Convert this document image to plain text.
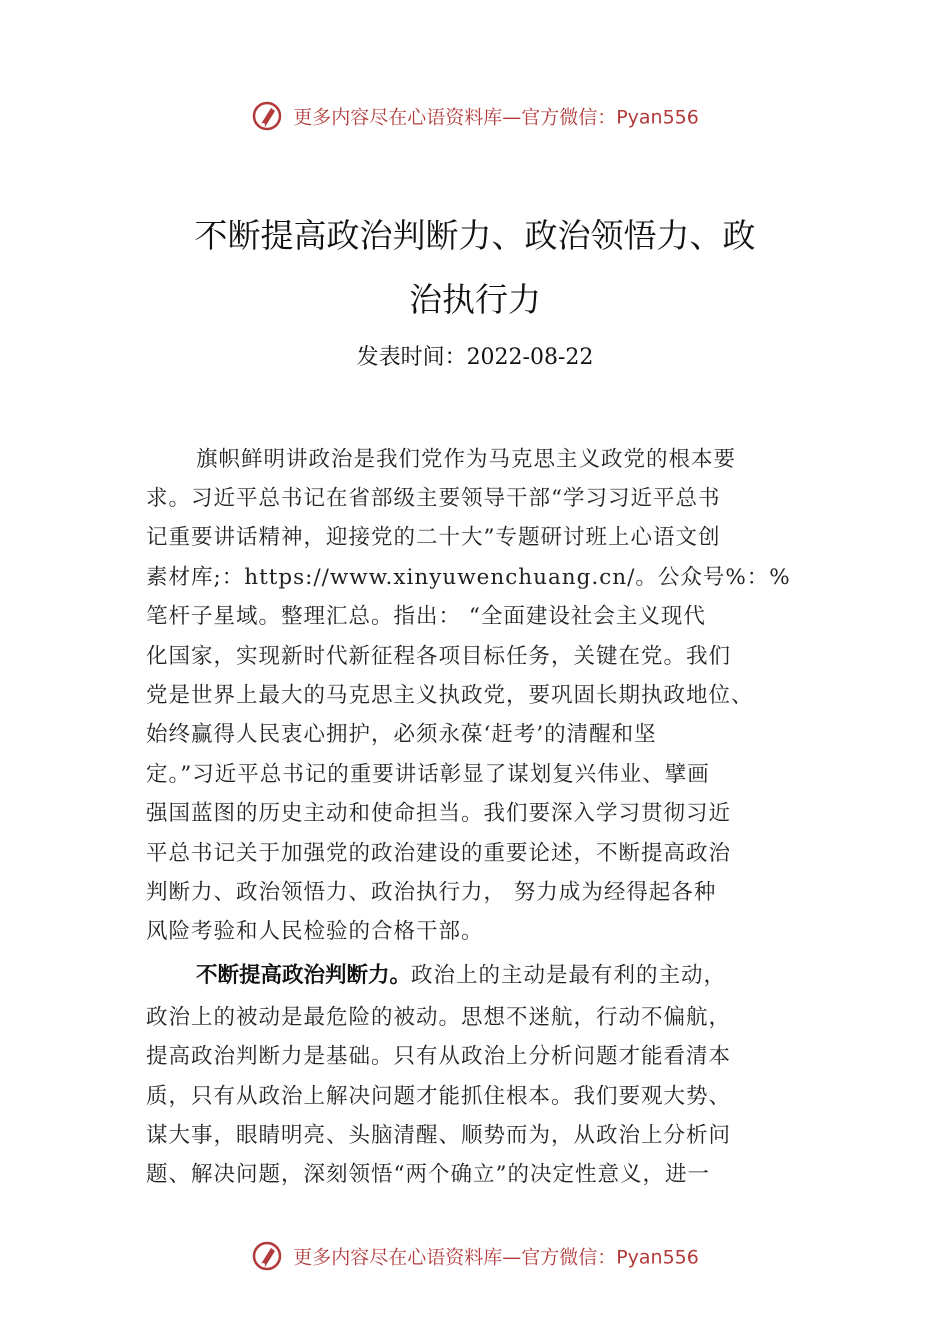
更多内容尽在心语资料库—官方微信：Pyan556
不断提高政治判断力、政治领悟力、政
治执行力
发表时间：2022-08-22
旗帜鲜明讲政治是我们党作为马克思主义政党的根本要
求。习近平总书记在省部级主要领导干部“学习习近平总书
记重要讲话精神，迎接党的二十大”专题研讨班上心语文创
素材库;：https://www.xinyuwenchuang.cn/。公众号%：%
笔杆子星域。整理汇总。指出： “全面建设社会主义现代
化国家，实现新时代新征程各项目标任务，关键在党。我们
党是世界上最大的马克思主义执政党，要巩固长期执政地位、
始终赢得人民衷心拥护，必须永葆‘赶考’的清醒和坚
定。”习近平总书记的重要讲话彰显了谋划复兴伟业、擘画
强国蓝图的历史主动和使命担当。我们要深入学习贯彻习近
平总书记关于加强党的政治建设的重要论述，不断提高政治
判断力、政治领悟力、政治执行力， 努力成为经得起各种
风险考验和人民检验的合格干部。
不断提高政治判断力。政治上的主动是最有利的主动，
政治上的被动是最危险的被动。思想不迷航，行动不偏航，
提高政治判断力是基础。只有从政治上分析问题才能看清本
质，只有从政治上解决问题才能抓住根本。我们要观大势、
谋大事，眼睛明亮、头脑清醒、顺势而为，从政治上分析问
题、解决问题，深刻领悟“两个确立”的决定性意义，进一
更多内容尽在心语资料库—官方微信：Pyan556
